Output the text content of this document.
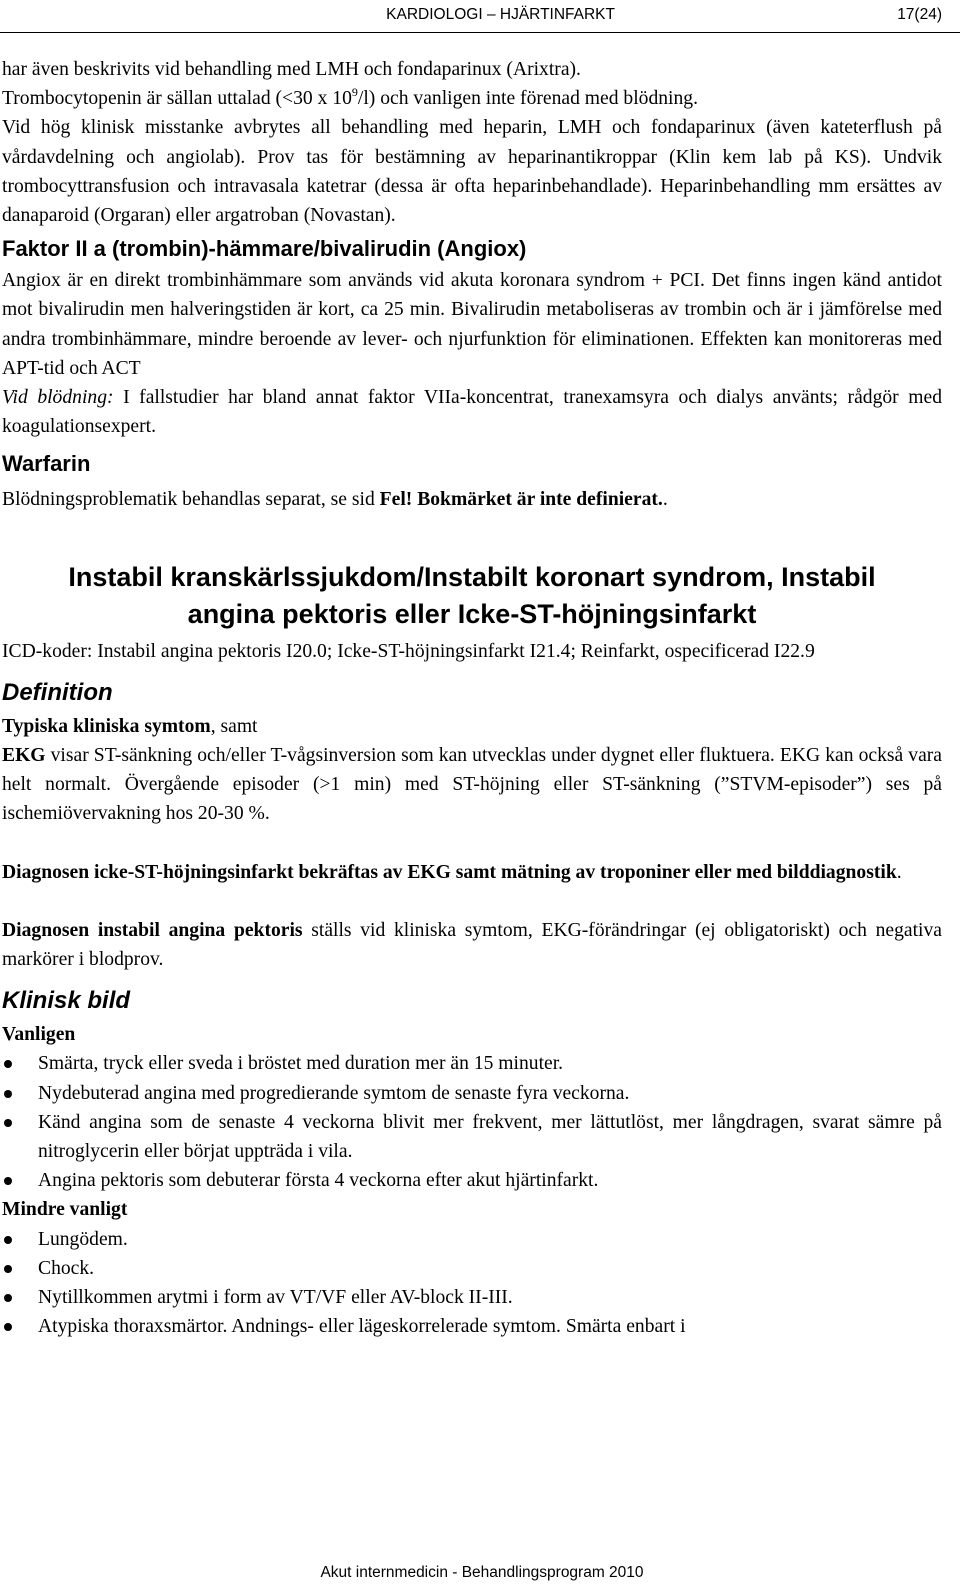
KARDIOLOGI – HJÄRTINFARKT	17(24)

har även beskrivits vid behandling med LMH och fondaparinux (Arixtra).

Trombocytopenin är sällan uttalad (<30 x $10^9/l$) och vanligen inte förenad med blödning.

Vid hög klinisk misstanke avbrytes all behandling med heparin, LMH och fondaparinux (även kateterflush på vårdavdelning och angiolab). Prov tas för bestämning av heparinantikroppar (Klin kem lab på KS). Undvik trombocyttransfusion och intravasala katetrar (dessa är ofta heparinbehandlade). Heparinbehandling mm ersättes av danaparoid (Orgaran) eller argatroban (Novastan).

Faktor II a (trombin)-hämmare/bivalirudin (Angiox)

Angiox är en direkt trombinhämmare som används vid akuta koronara syndrom + PCI. Det finns ingen känd antidot mot bivalirudin men halveringstiden är kort, ca 25 min. Bivalirudin metaboliseras av trombin och är i jämförelse med andra trombinhämmare, mindre beroende av lever- och njurfunktion för eliminationen. Effekten kan monitoreras med APT-tid och ACT

Vid blödning: I fallstudier har bland annat faktor VIIa-koncentrat, tranexamsyra och dialys använts; rådgör med koagulationsexpert.

Warfarin

Blödningsproblematik behandlas separat, se sid Fel! Bokmärket är inte definierat..

Instabil kranskärlssjukdom/Instabilt koronart syndrom, Instabil
angina pektoris eller Icke-ST-höjningsinfarkt

ICD-koder: Instabil angina pektoris I20.0; Icke-ST-höjningsinfarkt I21.4; Reinfarkt, ospecificerad I22.9

Definition

Typiska kliniska symtom, samt

EKG visar ST-sänkning och/eller T-vågsinversion som kan utvecklas under dygnet eller fluktuera. EKG kan också vara helt normalt. Övergående episoder (>1 min) med ST-höjning eller ST-sänkning (”STVM-episoder”) ses på ischemiövervakning hos 20-30 %.

Diagnosen icke-ST-höjningsinfarkt bekräftas av EKG samt mätning av troponiner eller med bilddiagnostik.

Diagnosen instabil angina pektoris ställs vid kliniska symtom, EKG-förändringar (ej obligatoriskt) och negativa markörer i blodprov.

Klinisk bild
Vanligen
Smärta, tryck eller sveda i bröstet med duration mer än 15 minuter.
Nydebuterad angina med progredierande symtom de senaste fyra veckorna.
Känd angina som de senaste 4 veckorna blivit mer frekvent, mer lättutlöst, mer långdragen, svarat sämre på nitroglycerin eller börjat uppträda i vila.
Angina pektoris som debuterar första 4 veckorna efter akut hjärtinfarkt.
Mindre vanligt
Lungödem.
Chock.
Nytillkommen arytmi i form av VT/VF eller AV-block II-III.
Atypiska thoraxsmärtor. Andnings- eller lägeskorrelerade symtom. Smärta enbart i
Akut internmedicin - Behandlingsprogram 2010
